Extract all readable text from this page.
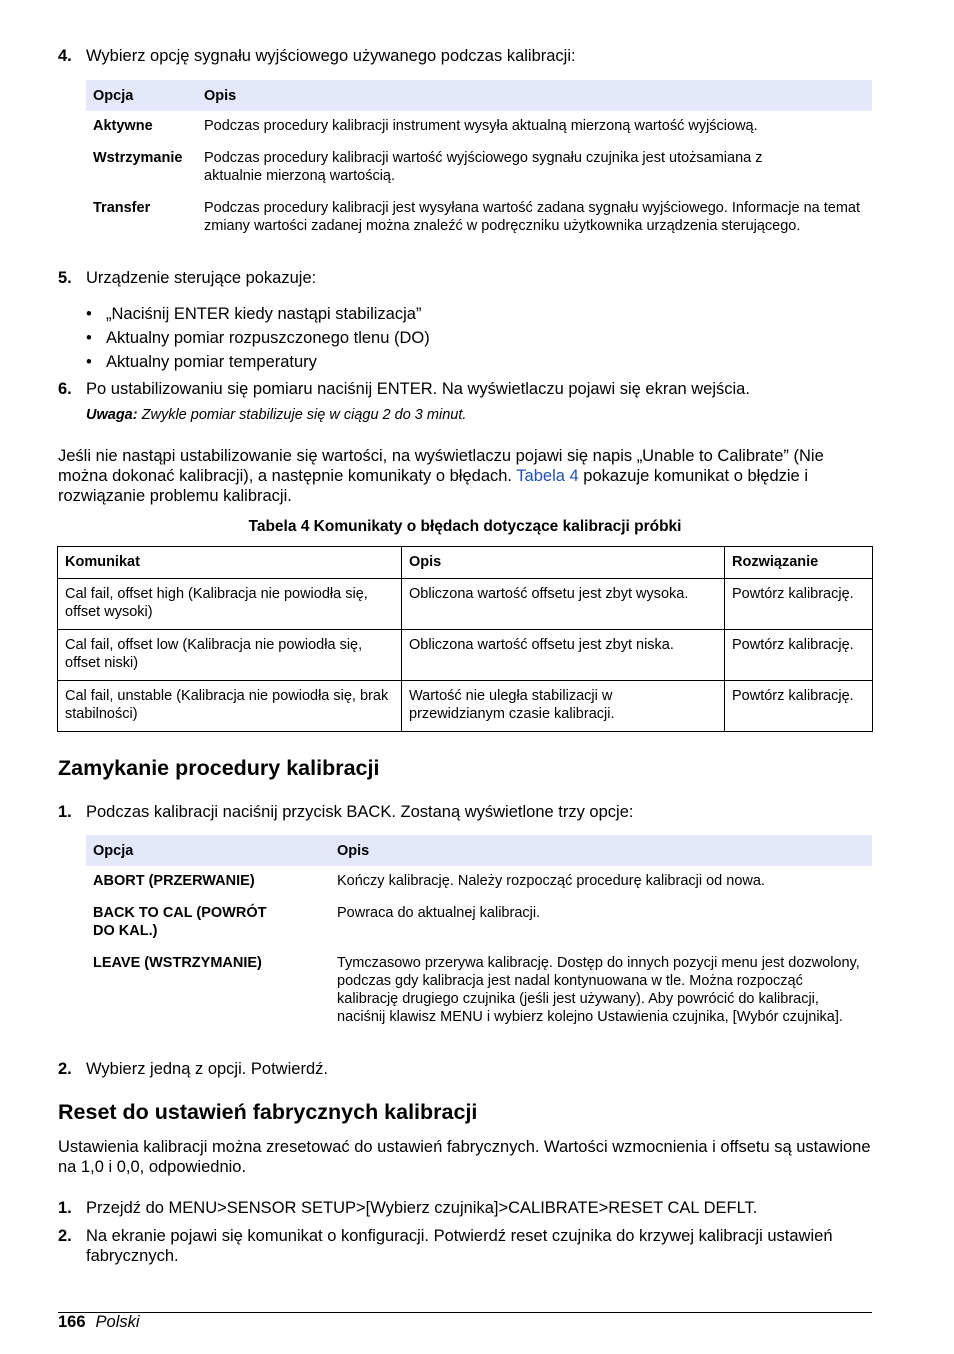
4. Wybierz opcję sygnału wyjściowego używanego podczas kalibracji:
Opcja	Opis
Aktywne	Podczas procedury kalibracji instrument wysyła aktualną mierzoną wartość wyjściową.
Wstrzymanie	Podczas procedury kalibracji wartość wyjściowego sygnału czujnika jest utożsamiana z aktualnie mierzoną wartością.
Transfer	Podczas procedury kalibracji jest wysyłana wartość zadana sygnału wyjściowego. Informacje na temat zmiany wartości zadanej można znaleźć w podręczniku użytkownika urządzenia sterującego.
5. Urządzenie sterujące pokazuje:
• „Naciśnij ENTER kiedy nastąpi stabilizacja”
• Aktualny pomiar rozpuszczonego tlenu (DO)
• Aktualny pomiar temperatury
6. Po ustabilizowaniu się pomiaru naciśnij ENTER. Na wyświetlaczu pojawi się ekran wejścia.
Uwaga: Zwykle pomiar stabilizuje się w ciągu 2 do 3 minut.
Jeśli nie nastąpi ustabilizowanie się wartości, na wyświetlaczu pojawi się napis „Unable to Calibrate” (Nie można dokonać kalibracji), a następnie komunikaty o błędach. Tabela 4 pokazuje komunikat o błędzie i rozwiązanie problemu kalibracji.
Tabela 4 Komunikaty o błędach dotyczące kalibracji próbki
Komunikat	Opis	Rozwiązanie
Cal fail, offset high (Kalibracja nie powiodła się, offset wysoki)	Obliczona wartość offsetu jest zbyt wysoka.	Powtórz kalibrację.
Cal fail, offset low (Kalibracja nie powiodła się, offset niski)	Obliczona wartość offsetu jest zbyt niska.	Powtórz kalibrację.
Cal fail, unstable (Kalibracja nie powiodła się, brak stabilności)	Wartość nie uległa stabilizacji w przewidzianym czasie kalibracji.	Powtórz kalibrację.
Zamykanie procedury kalibracji
1. Podczas kalibracji naciśnij przycisk BACK. Zostaną wyświetlone trzy opcje:
Opcja	Opis
ABORT (PRZERWANIE)	Kończy kalibrację. Należy rozpocząć procedurę kalibracji od nowa.
BACK TO CAL (POWRÓT DO KAL.)	Powraca do aktualnej kalibracji.
LEAVE (WSTRZYMANIE)	Tymczasowo przerywa kalibrację. Dostęp do innych pozycji menu jest dozwolony, podczas gdy kalibracja jest nadal kontynuowana w tle. Można rozpocząć kalibrację drugiego czujnika (jeśli jest używany). Aby powrócić do kalibracji, naciśnij klawisz MENU i wybierz kolejno Ustawienia czujnika, [Wybór czujnika].
2. Wybierz jedną z opcji. Potwierdź.
Reset do ustawień fabrycznych kalibracji
Ustawienia kalibracji można zresetować do ustawień fabrycznych. Wartości wzmocnienia i offsetu są ustawione na 1,0 i 0,0, odpowiednio.
1. Przejdź do MENU>SENSOR SETUP>[Wybierz czujnika]>CALIBRATE>RESET CAL DEFLT.
2. Na ekranie pojawi się komunikat o konfiguracji. Potwierdź reset czujnika do krzywej kalibracji ustawień fabrycznych.
166 Polski
